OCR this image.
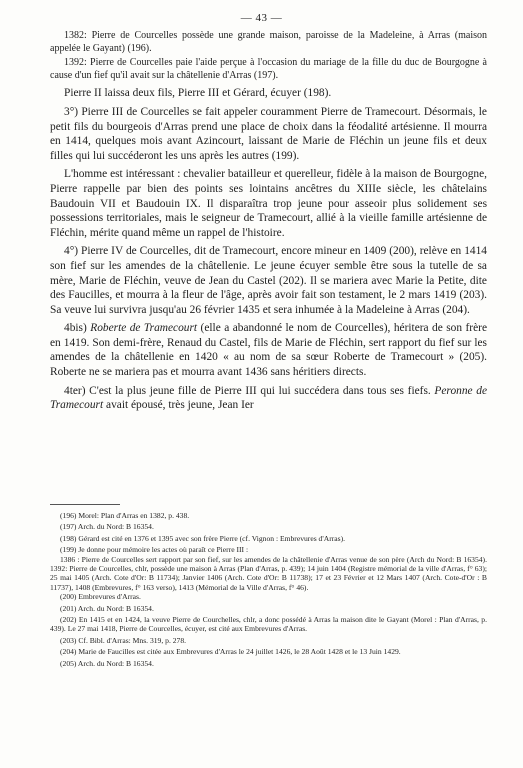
— 43 —

1382: Pierre de Courcelles possède une grande maison, paroisse de la Madeleine, à Arras (maison appelée le Gayant) (196).

1392: Pierre de Courcelles paie l'aide perçue à l'occasion du mariage de la fille du duc de Bourgogne à cause d'un fief qu'il avait sur la châtellenie d'Arras (197).

Pierre II laissa deux fils, Pierre III et Gérard, écuyer (198).

3°) Pierre III de Courcelles se fait appeler couramment Pierre de Tramecourt. Désormais, le petit fils du bourgeois d'Arras prend une place de choix dans la féodalité artésienne. Il mourra en 1414, quelques mois avant Azincourt, laissant de Marie de Fléchin un jeune fils et deux filles qui lui succéderont les uns après les autres (199).

L'homme est intéressant : chevalier batailleur et querelleur, fidèle à la maison de Bourgogne, Pierre rappelle par bien des points ses lointains ancêtres du XIIIe siècle, les châtelains Baudouin VII et Baudouin IX. Il disparaîtra trop jeune pour asseoir plus solidement ses possessions territoriales, mais le seigneur de Tramecourt, allié à la vieille famille artésienne de Fléchin, mérite quand même un rappel de l'histoire.

4°) Pierre IV de Courcelles, dit de Tramecourt, encore mineur en 1409 (200), relève en 1414 son fief sur les amendes de la châtellenie. Le jeune écuyer semble être sous la tutelle de sa mère, Marie de Fléchin, veuve de Jean du Castel (202). Il se mariera avec Marie la Petite, dite des Faucilles, et mourra à la fleur de l'âge, après avoir fait son testament, le 2 mars 1419 (203). Sa veuve lui survivra jusqu'au 26 février 1435 et sera inhumée à la Madeleine à Arras (204).

4bis) Roberte de Tramecourt (elle a abandonné le nom de Courcelles), héritera de son frère en 1419. Son demi-frère, Renaud du Castel, fils de Marie de Fléchin, sert rapport du fief sur les amendes de la châtellenie en 1420 « au nom de sa sœur Roberte de Tramecourt » (205). Roberte ne se mariera pas et mourra avant 1436 sans héritiers directs.

4ter) C'est la plus jeune fille de Pierre III qui lui succédera dans tous ses fiefs. Peronne de Tramecourt avait épousé, très jeune, Jean Ier

(196) Morel: Plan d'Arras en 1382, p. 438.

(197) Arch. du Nord: B 16354.

(198) Gérard est cité en 1376 et 1395 avec son frère Pierre (cf. Vignon : Embrevures d'Arras).

(199) Je donne pour mémoire les actes où paraît ce Pierre III :

1386 : Pierre de Courcelles sert rapport par son fief, sur les amendes de la châtellenie d'Arras venue de son père (Arch du Nord: B 16354). 1392: Pierre de Courcelles, chlr, possède une maison à Arras (Plan d'Arras, p. 439); 14 juin 1404 (Registre mémorial de la ville d'Arras, f° 63); 25 mai 1405 (Arch. Cote d'Or: B 11734); Janvier 1406 (Arch. Cote d'Or: B 11738); 17 et 23 Février et 12 Mars 1407 (Arch. Cote-d'Or : B 11737), 1408 (Embrevures, f° 163 verso), 1413 (Mémorial de la Ville d'Arras, f° 46).

(200) Embrevures d'Arras.

(201) Arch. du Nord: B 16354.

(202) En 1415 et en 1424, la veuve Pierre de Courchelles, chlr, a donc possédé à Arras la maison dite le Gayant (Morel : Plan d'Arras, p. 439). Le 27 mai 1418, Pierre de Courcelles, écuyer, est cité aux Embrevures d'Arras.

(203) Cf. Bibl. d'Arras: Mns. 319, p. 278.

(204) Marie de Faucilles est citée aux Embrevures d'Arras le 24 juillet 1426, le 28 Août 1428 et le 13 Juin 1429.

(205) Arch. du Nord: B 16354.
